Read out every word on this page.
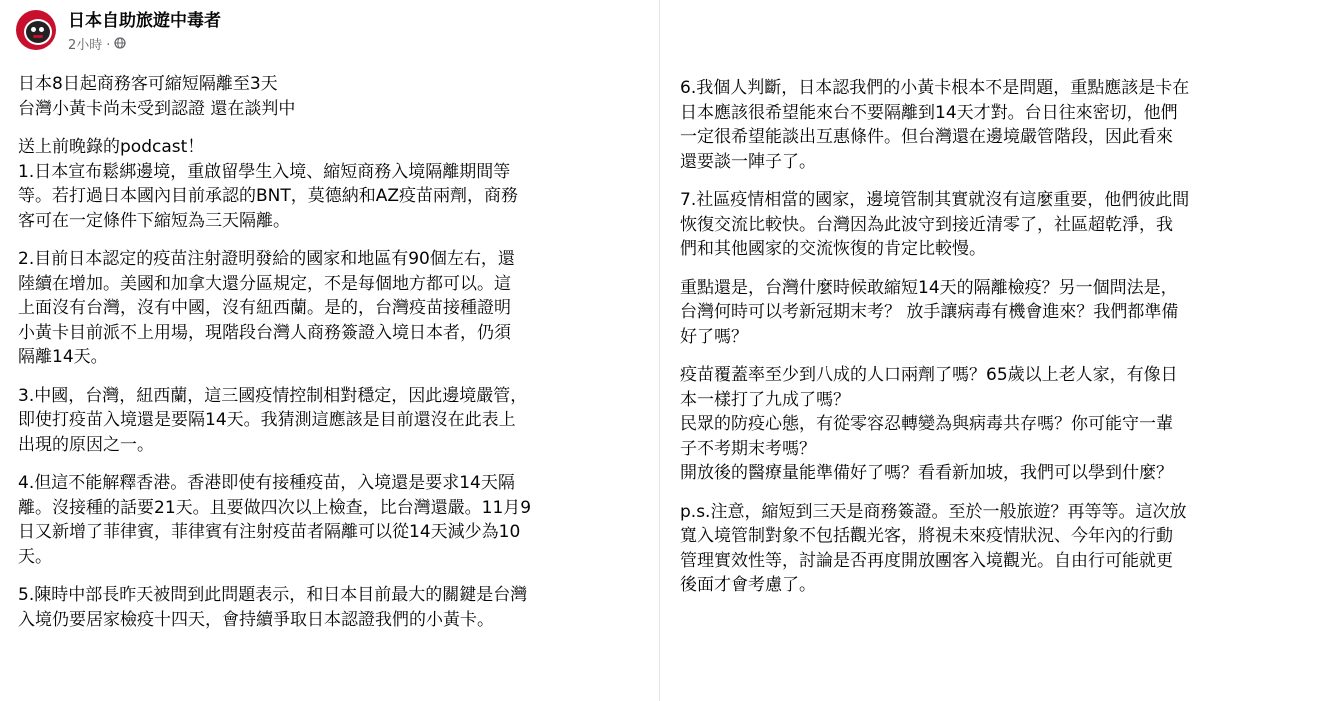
日本自助旅遊中毒者
2小時 ·
日本8日起商務客可縮短隔離至3天
台灣小黃卡尚未受到認證 還在談判中
送上前晚錄的podcast！
1.日本宣布鬆綁邊境，重啟留學生入境、縮短商務入境隔離期間等
等。若打過日本國內目前承認的BNT，莫德納和AZ疫苗兩劑，商務
客可在一定條件下縮短為三天隔離。
2.目前日本認定的疫苗注射證明發給的國家和地區有90個左右，還
陸續在增加。美國和加拿大還分區規定，不是每個地方都可以。這
上面沒有台灣，沒有中國，沒有紐西蘭。是的，台灣疫苗接種證明
小黃卡目前派不上用場，現階段台灣人商務簽證入境日本者，仍須
隔離14天。
3.中國，台灣，紐西蘭，這三國疫情控制相對穩定，因此邊境嚴管，
即使打疫苗入境還是要隔14天。我猜測這應該是目前還沒在此表上
出現的原因之一。
4.但這不能解釋香港。香港即使有接種疫苗，入境還是要求14天隔
離。沒接種的話要21天。且要做四次以上檢查，比台灣還嚴。11月9
日又新增了菲律賓，菲律賓有注射疫苗者隔離可以從14天減少為10
天。
5.陳時中部長昨天被問到此問題表示，和日本目前最大的關鍵是台灣
入境仍要居家檢疫十四天，會持續爭取日本認證我們的小黃卡。
6.我個人判斷，日本認我們的小黃卡根本不是問題，重點應該是卡在
日本應該很希望能來台不要隔離到14天才對。台日往來密切，他們
一定很希望能談出互惠條件。但台灣還在邊境嚴管階段，因此看來
還要談一陣子了。
7.社區疫情相當的國家，邊境管制其實就沒有這麼重要，他們彼此間
恢復交流比較快。台灣因為此波守到接近清零了，社區超乾淨，我
們和其他國家的交流恢復的肯定比較慢。
重點還是，台灣什麼時候敢縮短14天的隔離檢疫？另一個問法是，
台灣何時可以考新冠期末考？ 放手讓病毒有機會進來？我們都準備
好了嗎？
疫苗覆蓋率至少到八成的人口兩劑了嗎？65歲以上老人家，有像日
本一樣打了九成了嗎？
民眾的防疫心態，有從零容忍轉變為與病毒共存嗎？你可能守一輩
子不考期末考嗎？
開放後的醫療量能準備好了嗎？看看新加坡，我們可以學到什麼？
p.s.注意，縮短到三天是商務簽證。至於一般旅遊？再等等。這次放
寬入境管制對象不包括觀光客，將視未來疫情狀況、今年內的行動
管理實效性等，討論是否再度開放團客入境觀光。自由行可能就更
後面才會考慮了。
